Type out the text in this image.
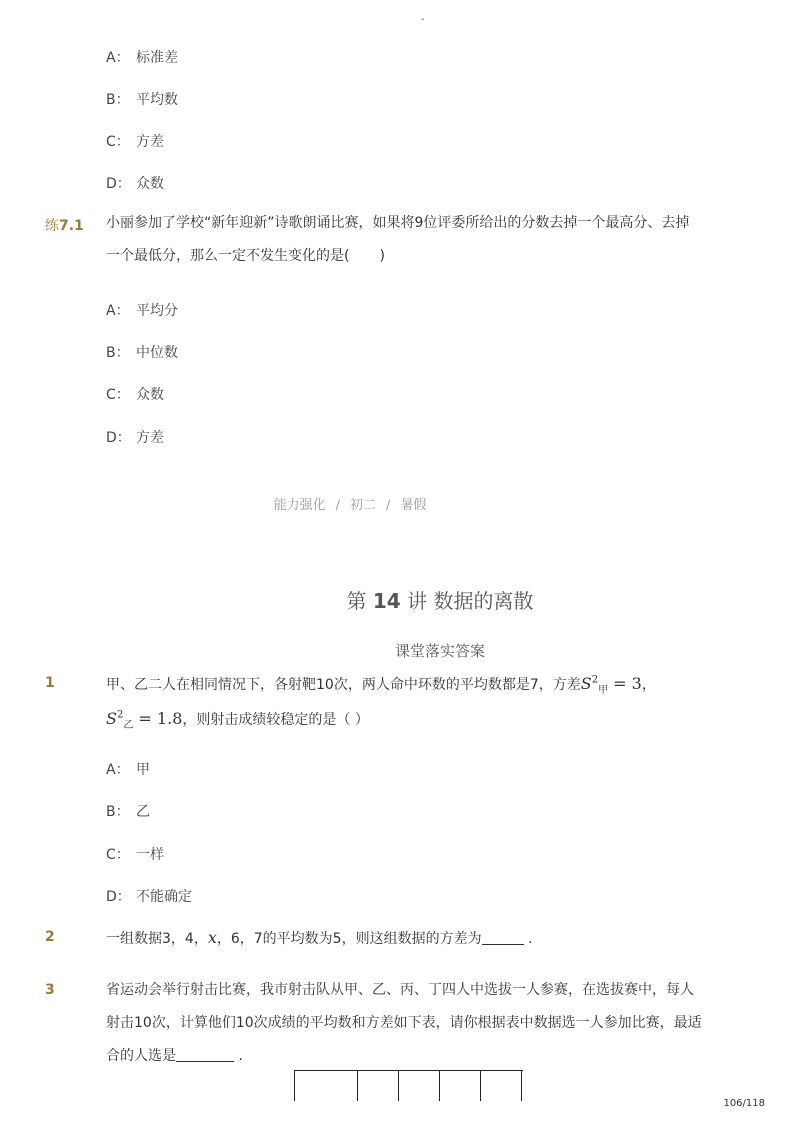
-
A： 标准差
B： 平均数
C： 方差
D： 众数
练7.1 小丽参加了学校“新年迎新”诗歌朗诵比赛，如果将9位评委所给出的分数去掉一个最高分、去掉
一个最低分，那么一定不发生变化的是( )
A： 平均分
B： 中位数
C： 众数
D： 方差
能力强化 / 初二 / 暑假
第 14 讲 数据的离散
课堂落实答案
1	甲、乙二人在相同情况下，各射靶10次，两人命中环数的平均数都是7，方差$S^2_甲 = 3$，
$S^2_乙 = 1.8$，则射击成绩较稳定的是（ ）
A： 甲
B： 乙
C： 一样
D： 不能确定
2	一组数据3，4，x，6，7的平均数为5，则这组数据的方差为	.
3	省运动会举行射击比赛，我市射击队从甲、乙、丙、丁四人中选拔一人参赛，在选拔赛中，每人
射击10次，计算他们10次成绩的平均数和方差如下表，请你根据表中数据选一人参加比赛，最适
合的人选是	.
106/118
